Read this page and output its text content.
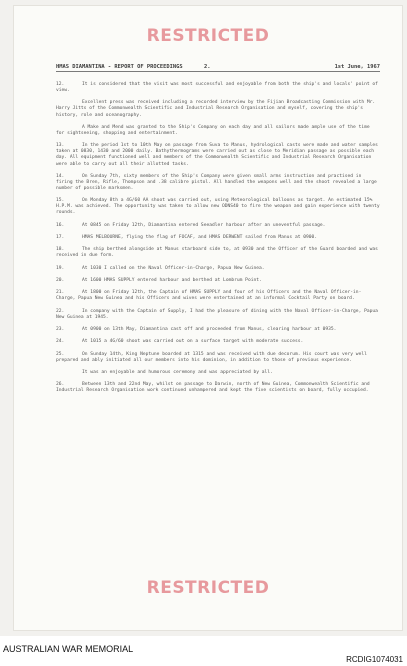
RESTRICTED
HMAS DIAMANTINA - REPORT OF PROCEEDINGS	2.	1st June, 1967

12.	It is considered that the visit was most successful and enjoyable from both the ship's and locals' point of view.

Excellent press was received including a recorded interview by the Fijian Broadcasting Commission with Mr. Harry Jitts of the Commonwealth Scientific and Industrial Research Organisation and myself, covering the ship's history, role and oceanography.

A Make and Mend was granted to the Ship's Company on each day and all sailors made ample use of the time for sightseeing, shopping and entertainment.

13.	In the period 1st to 10th May on passage from Suva to Manus, hydrological casts were made and water samples taken at 0830, 1430 and 2000 daily. Bathythermograms were carried out as close to Meridian passage as possible each day. All equipment functioned well and members of the Commonwealth Scientific and Industrial Research Organisation were able to carry out all their allotted tasks.

14.	On Sunday 7th, sixty members of the Ship's Company were given small arms instruction and practised in firing the Bren, Rifle, Thompson and .38 calibre pistol. All handled the weapons well and the shoot revealed a large number of possible marksmen.

15.	On Monday 8th a 4G/60 AA shoot was carried out, using Meteorological balloons as target. An estimated 15% H.P.M. was achieved. The opportunity was taken to allow new ODNS40 to fire the weapon and gain experience with twenty rounds.

16.	At 0845 on Friday 12th, Diamantina entered Seeadler harbour after an uneventful passage.

17.	HMAS MELBOURNE, flying the flag of FOCAF, and HMAS DERWENT sailed from Manus at 0900.

18.	The ship berthed alongside at Manus starboard side to, at 0930 and the Officer of the Guard boarded and was received in due form.

19.	At 1030 I called on the Naval Officer-in-Charge, Papua New Guinea.

20.	At 1600 HMAS SUPPLY entered harbour and berthed at Lombrum Point.

21.	At 1800 on Friday 12th, the Captain of HMAS SUPPLY and four of his Officers and the Naval Officer-in-Charge, Papua New Guinea and his Officers and wives were entertained at an informal Cocktail Party on board.

22.	In company with the Captain of Supply, I had the pleasure of dining with the Naval Officer-in-Charge, Papua New Guinea at 1945.

23.	At 0900 on 13th May, Diamantina cast off and proceeded from Manus, clearing harbour at 0935.

24.	At 1015 a 4G/60 shoot was carried out on a surface target with moderate success.

25.	On Sunday 14th, King Neptune boarded at 1315 and was received with due decorum. His court was very well prepared and ably initiated all our members into his dominion, in addition to those of previous experience.

It was an enjoyable and humorous ceremony and was appreciated by all.

26.	Between 13th and 22nd May, whilst on passage to Darwin, north of New Guinea, Commonwealth Scientific and Industrial Research Organisation work continued unhampered and kept the five scientists on board, fully occupied.

RESTRICTED
AUSTRALIAN WAR MEMORIAL
RCDIG1074031
